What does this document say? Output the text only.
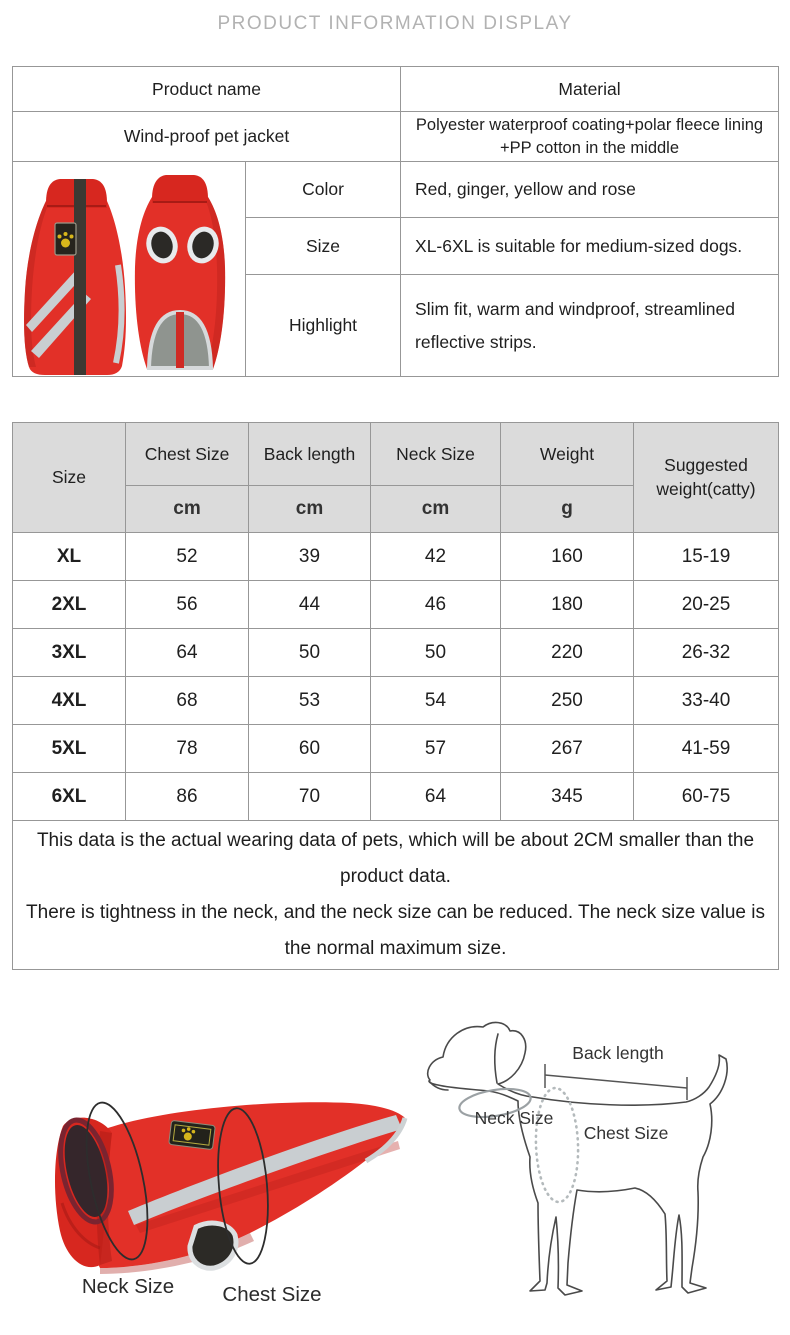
PRODUCT INFORMATION DISPLAY
Product name		Material
Wind-proof pet jacket		Polyester waterproof coating+polar fleece lining +PP cotton in the middle

	Color	Red, ginger, yellow and rose
	Size	XL-6XL is suitable for medium-sized dogs.
	Highlight	Slim fit, warm and windproof, streamlined reflective strips.
Size	Chest Size	Back length	Neck Size	Weight	Suggested weight(catty)
	cm	cm	cm	g	
XL	52	39	42	160	15-19
2XL	56	44	46	180	20-25
3XL	64	50	50	220	26-32
4XL	68	53	54	250	33-40
5XL	78	60	57	267	41-59
6XL	86	70	64	345	60-75

This data is the actual wearing data of pets, which will be about 2CM smaller than the product data.
There is tightness in the neck, and the neck size can be reduced. The neck size value is the normal maximum size.					
Neck Size Chest Size
Back length
Neck Size
Chest Size
